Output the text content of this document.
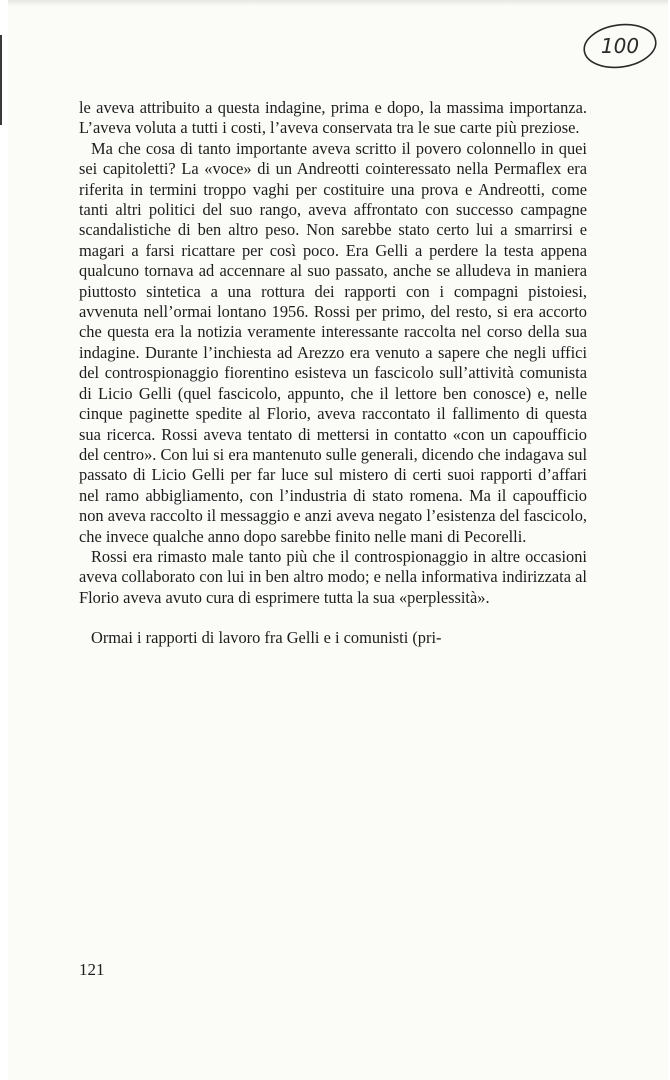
100

le aveva attribuito a questa indagine, prima e dopo, la massima importanza. L’aveva voluta a tutti i costi, l’aveva conservata tra le sue carte più preziose.

Ma che cosa di tanto importante aveva scritto il povero colonnello in quei sei capitoletti? La «voce» di un Andreotti cointeressato nella Permaflex era riferita in termini troppo vaghi per costituire una prova e Andreotti, come tanti altri politici del suo rango, aveva affrontato con successo campagne scandalistiche di ben altro peso. Non sarebbe stato certo lui a smarrirsi e magari a farsi ricattare per così poco. Era Gelli a perdere la testa appena qualcuno tornava ad accennare al suo passato, anche se alludeva in maniera piuttosto sintetica a una rottura dei rapporti con i compagni pistoiesi, avvenuta nell’ormai lontano 1956. Rossi per primo, del resto, si era accorto che questa era la notizia veramente interessante raccolta nel corso della sua indagine. Durante l’inchiesta ad Arezzo era venuto a sapere che negli uffici del controspionaggio fiorentino esisteva un fascicolo sull’attività comunista di Licio Gelli (quel fascicolo, appunto, che il lettore ben conosce) e, nelle cinque paginette spedite al Florio, aveva raccontato il fallimento di questa sua ricerca. Rossi aveva tentato di mettersi in contatto «con un capoufficio del centro». Con lui si era mantenuto sulle generali, dicendo che indagava sul passato di Licio Gelli per far luce sul mistero di certi suoi rapporti d’affari nel ramo abbigliamento, con l’industria di stato romena. Ma il capoufficio non aveva raccolto il messaggio e anzi aveva negato l’esistenza del fascicolo, che invece qualche anno dopo sarebbe finito nelle mani di Pecorelli.

Rossi era rimasto male tanto più che il controspionaggio in altre occasioni aveva collaborato con lui in ben altro modo; e nella informativa indirizzata al Florio aveva avuto cura di esprimere tutta la sua «perplessità».

Ormai i rapporti di lavoro fra Gelli e i comunisti (pri-

121
